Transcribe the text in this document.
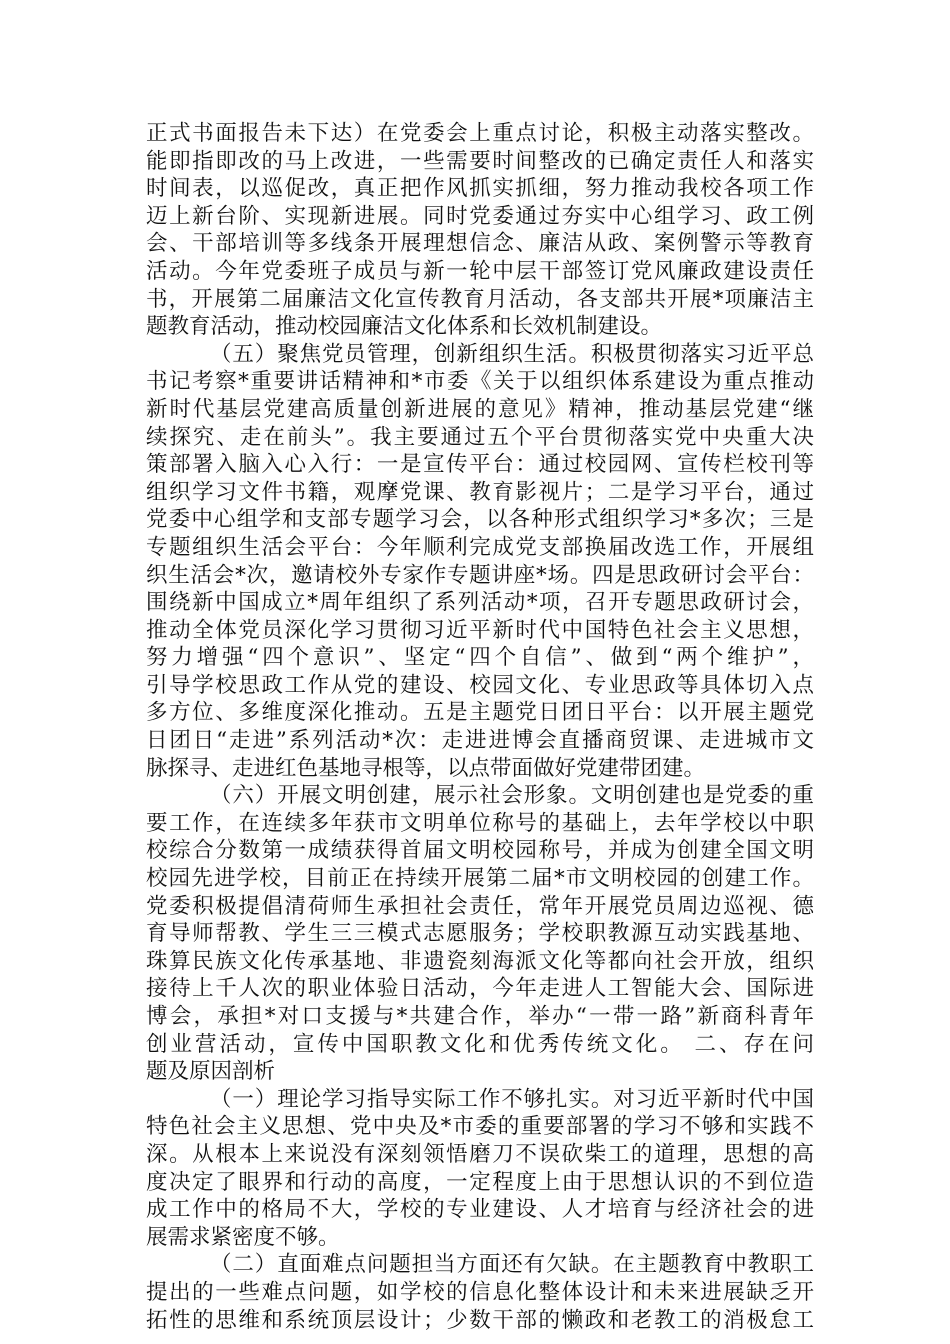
正式书面报告未下达）在党委会上重点讨论，积极主动落实整改。
能即指即改的马上改进，一些需要时间整改的已确定责任人和落实
时间表，以巡促改，真正把作风抓实抓细，努力推动我校各项工作
迈上新台阶、实现新进展。同时党委通过夯实中心组学习、政工例
会、干部培训等多线条开展理想信念、廉洁从政、案例警示等教育
活动。今年党委班子成员与新一轮中层干部签订党风廉政建设责任
书，开展第二届廉洁文化宣传教育月活动，各支部共开展*项廉洁主
题教育活动，推动校园廉洁文化体系和长效机制建设。
（五）聚焦党员管理，创新组织生活。积极贯彻落实习近平总
书记考察*重要讲话精神和*市委《关于以组织体系建设为重点推动
新时代基层党建高质量创新进展的意见》精神，推动基层党建“继
续探究、走在前头”。我主要通过五个平台贯彻落实党中央重大决
策部署入脑入心入行：一是宣传平台：通过校园网、宣传栏校刊等
组织学习文件书籍，观摩党课、教育影视片；二是学习平台，通过
党委中心组学和支部专题学习会，以各种形式组织学习*多次；三是
专题组织生活会平台：今年顺利完成党支部换届改选工作，开展组
织生活会*次，邀请校外专家作专题讲座*场。四是思政研讨会平台：
围绕新中国成立*周年组织了系列活动*项，召开专题思政研讨会，
推动全体党员深化学习贯彻习近平新时代中国特色社会主义思想，
努力增强“四个意识”、坚定“四个自信”、做到“两个维护”，
引导学校思政工作从党的建设、校园文化、专业思政等具体切入点
多方位、多维度深化推动。五是主题党日团日平台：以开展主题党
日团日“走进”系列活动*次：走进进博会直播商贸课、走进城市文
脉探寻、走进红色基地寻根等，以点带面做好党建带团建。
（六）开展文明创建，展示社会形象。文明创建也是党委的重
要工作，在连续多年获市文明单位称号的基础上，去年学校以中职
校综合分数第一成绩获得首届文明校园称号，并成为创建全国文明
校园先进学校，目前正在持续开展第二届*市文明校园的创建工作。
党委积极提倡清荷师生承担社会责任，常年开展党员周边巡视、德
育导师帮教、学生三三模式志愿服务；学校职教源互动实践基地、
珠算民族文化传承基地、非遗瓷刻海派文化等都向社会开放，组织
接待上千人次的职业体验日活动，今年走进人工智能大会、国际进
博会，承担*对口支援与*共建合作，举办“一带一路”新商科青年
创业营活动，宣传中国职教文化和优秀传统文化。 二、存在问
题及原因剖析
（一）理论学习指导实际工作不够扎实。对习近平新时代中国
特色社会主义思想、党中央及*市委的重要部署的学习不够和实践不
深。从根本上来说没有深刻领悟磨刀不误砍柴工的道理，思想的高
度决定了眼界和行动的高度，一定程度上由于思想认识的不到位造
成工作中的格局不大，学校的专业建设、人才培育与经济社会的进
展需求紧密度不够。
（二）直面难点问题担当方面还有欠缺。在主题教育中教职工
提出的一些难点问题，如学校的信息化整体设计和未来进展缺乏开
拓性的思维和系统顶层设计；少数干部的懒政和老教工的消极怠工
